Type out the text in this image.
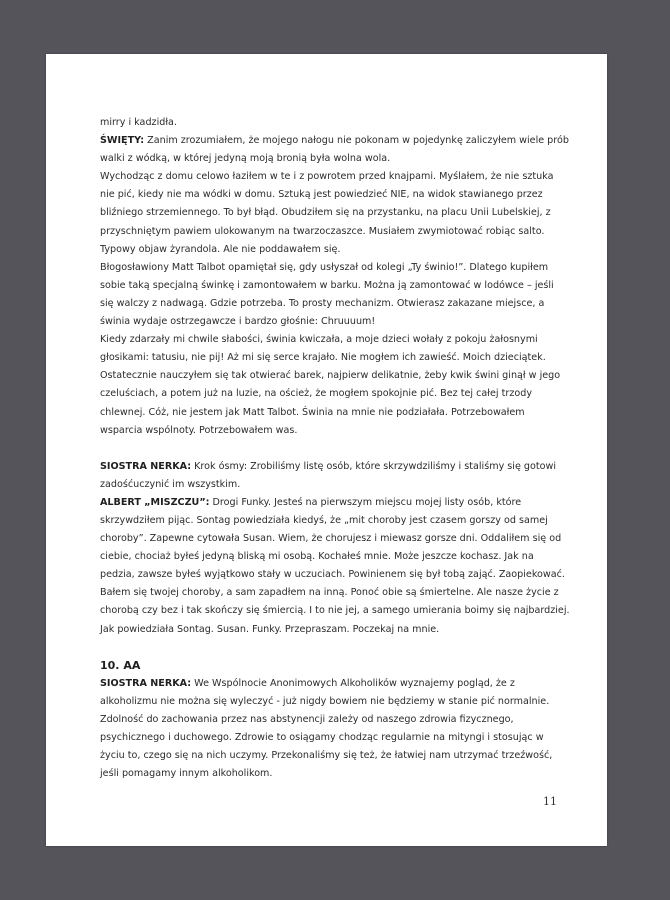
mirry i kadzidła.

ŚWIĘTY: Zanim zrozumiałem, że mojego nałogu nie pokonam w pojedynkę zaliczyłem wiele prób walki z wódką, w której jedyną moją bronią była wolna wola.

Wychodząc z domu celowo łaziłem w te i z powrotem przed knajpami. Myślałem, że nie sztuka nie pić, kiedy nie ma wódki w domu. Sztuką jest powiedzieć NIE, na widok stawianego przez bliźniego strzemiennego. To był błąd. Obudziłem się na przystanku, na placu Unii Lubelskiej, z przyschniętym pawiem ulokowanym na twarzoczaszce. Musiałem zwymiotować robiąc salto. Typowy objaw żyrandola. Ale nie poddawałem się.

Błogosławiony Matt Talbot opamiętał się, gdy usłyszał od kolegi „Ty świnio!”. Dlatego kupiłem sobie taką specjalną świnkę i zamontowałem w barku. Można ją zamontować w lodówce – jeśli się walczy z nadwagą. Gdzie potrzeba. To prosty mechanizm. Otwierasz zakazane miejsce, a świnia wydaje ostrzegawcze i bardzo głośnie: Chruuuum!

Kiedy zdarzały mi chwile słabości, świnia kwiczała, a moje dzieci wołały z pokoju żałosnymi głosikami: tatusiu, nie pij! Aż mi się serce krajało. Nie mogłem ich zawieść. Moich dzieciątek. Ostatecznie nauczyłem się tak otwierać barek, najpierw delikatnie, żeby kwik świni ginął w jego czeluściach, a potem już na luzie, na oścież, że mogłem spokojnie pić. Bez tej całej trzody chlewnej. Cóż, nie jestem jak Matt Talbot. Świnia na mnie nie podziałała. Potrzebowałem wsparcia wspólnoty. Potrzebowałem was.

SIOSTRA NERKA: Krok ósmy: Zrobiliśmy listę osób, które skrzywdziliśmy i staliśmy się gotowi zadośćuczynić im wszystkim.

ALBERT „MISZCZU”: Drogi Funky. Jesteś na pierwszym miejscu mojej listy osób, które skrzywdziłem pijąc. Sontag powiedziała kiedyś, że „mit choroby jest czasem gorszy od samej choroby”. Zapewne cytowała Susan. Wiem, że chorujesz i miewasz gorsze dni. Oddaliłem się od ciebie, chociaż byłeś jedyną bliską mi osobą. Kochałeś mnie. Może jeszcze kochasz. Jak na pedzia, zawsze byłeś wyjątkowo stały w uczuciach. Powinienem się był tobą zająć. Zaopiekować. Bałem się twojej choroby, a sam zapadłem na inną. Ponoć obie są śmiertelne. Ale nasze życie z chorobą czy bez i tak skończy się śmiercią. I to nie jej, a samego umierania boimy się najbardziej. Jak powiedziała Sontag. Susan. Funky. Przepraszam. Poczekaj na mnie.

10. AA

SIOSTRA NERKA: We Wspólnocie Anonimowych Alkoholików wyznajemy pogląd, że z alkoholizmu nie można się wyleczyć - już nigdy bowiem nie będziemy w stanie pić normalnie. Zdolność do zachowania przez nas abstynencji zależy od naszego zdrowia fizycznego, psychicznego i duchowego. Zdrowie to osiągamy chodząc regularnie na mityngi i stosując w życiu to, czego się na nich uczymy. Przekonaliśmy się też, że łatwiej nam utrzymać trzeźwość, jeśli pomagamy innym alkoholikom.

11
